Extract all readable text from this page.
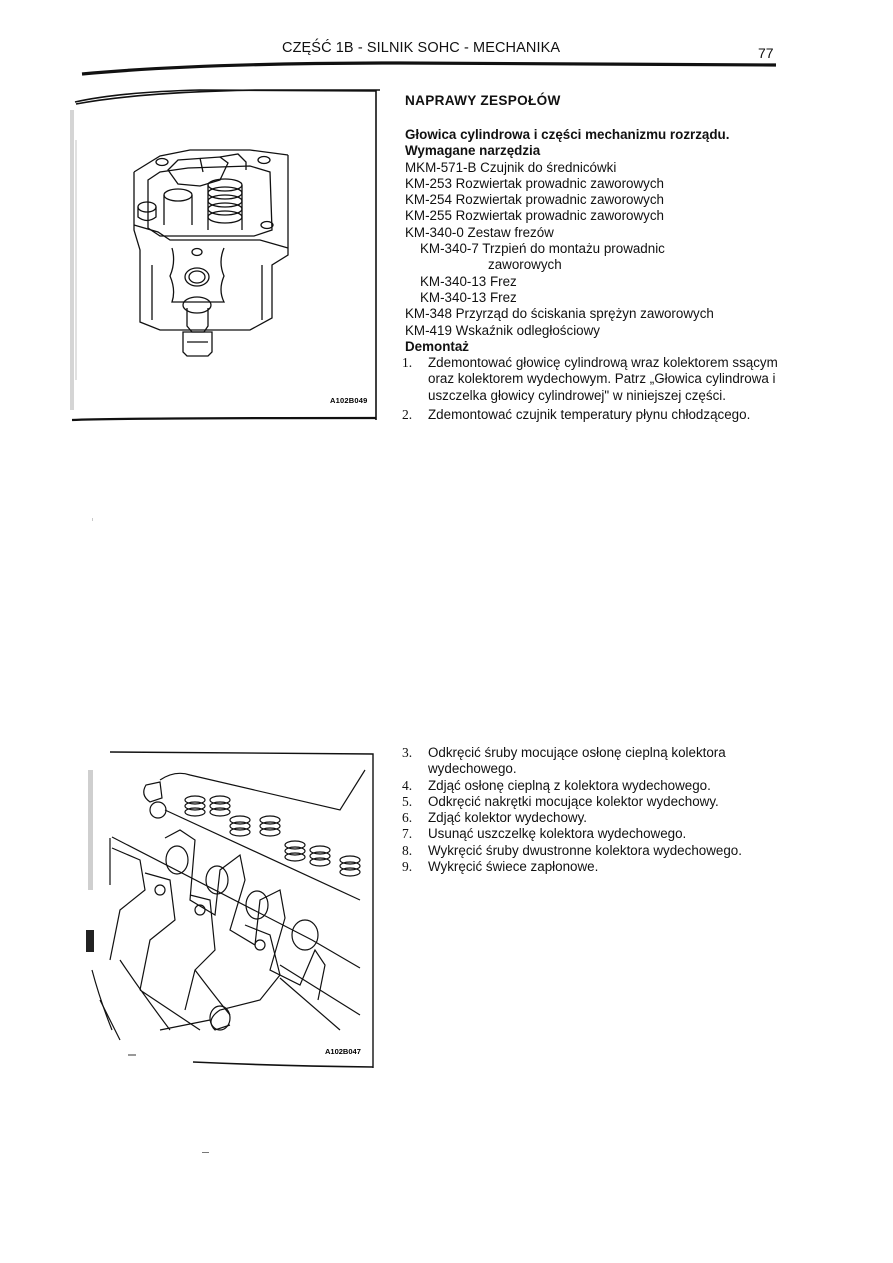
CZĘŚĆ 1B - SILNIK SOHC - MECHANIKA	77
NAPRAWY ZESPOŁÓW
Głowica cylindrowa i części mechanizmu rozrządu.
Wymagane narzędzia
MKM-571-B Czujnik do średnicówki
KM-253 Rozwiertak prowadnic zaworowych
KM-254 Rozwiertak prowadnic zaworowych
KM-255 Rozwiertak prowadnic zaworowych
KM-340-0 Zestaw frezów
KM-340-7 Trzpień do montażu prowadnic
zaworowych
KM-340-13 Frez
KM-340-13 Frez
KM-348 Przyrząd do ściskania sprężyn zaworowych
KM-419 Wskaźnik odległościowy
Demontaż
1. Zdemontować głowicę cylindrową wraz kolektorem ssącym oraz kolektorem wydechowym. Patrz „Głowica cylindrowa i uszczelka głowicy cylindrowej" w niniejszej części.
2. Zdemontować czujnik temperatury płynu chłodzącego.
3. Odkręcić śruby mocujące osłonę cieplną kolektora wydechowego.
4. Zdjąć osłonę cieplną z kolektora wydechowego.
5. Odkręcić nakrętki mocujące kolektor wydechowy.
6. Zdjąć kolektor wydechowy.
7. Usunąć uszczelkę kolektora wydechowego.
8. Wykręcić śruby dwustronne kolektora wydechowego.
9. Wykręcić świece zapłonowe.
A102B049
A102B047
